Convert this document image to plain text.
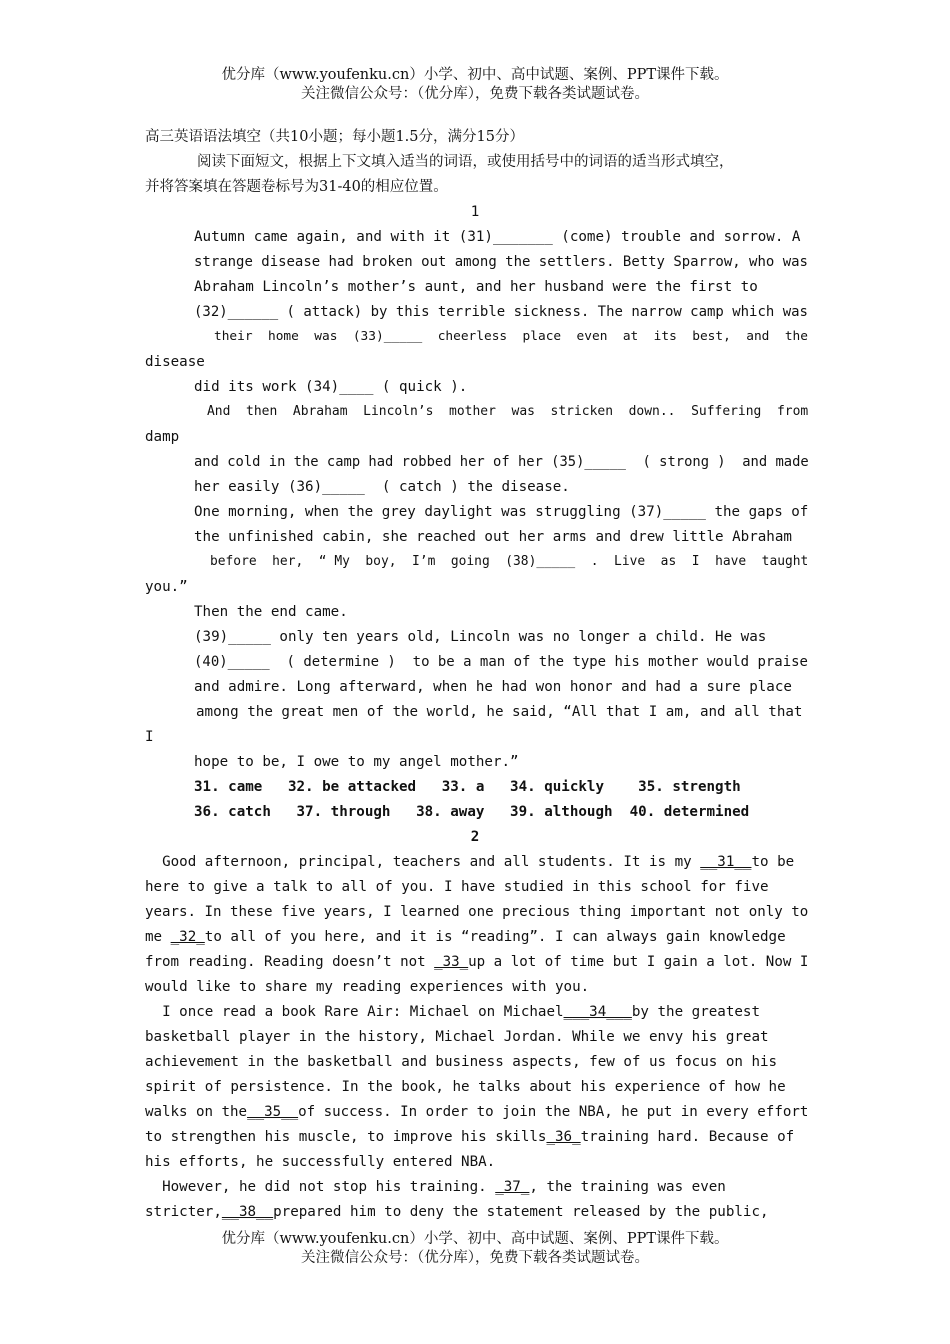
优分库（www.youfenku.cn）小学、初中、高中试题、案例、PPT课件下载。
关注微信公众号：（优分库），免费下载各类试题试卷。
高三英语语法填空（共10小题；每小题1.5分，满分15分）
阅读下面短文，根据上下文填入适当的词语，或使用括号中的词语的适当形式填空，
并将答案填在答题卷标号为31-40的相应位置。
1
Autumn came again, and with it (31)_______ (come) trouble and sorrow. A
strange disease had broken out among the settlers. Betty Sparrow, who was
Abraham Lincoln’s mother’s aunt, and her husband were the first to
(32)______ ( attack) by this terrible sickness. The narrow camp which was
their  home  was  (33)_____  cheerless  place  even  at  its  best,  and  the
disease
did its work (34)____ ( quick ).
And  then  Abraham  Lincoln’s  mother  was  stricken  down..  Suffering  from
damp
and cold in the camp had robbed her of her (35)_____  ( strong )  and made
her easily (36)_____  ( catch ) the disease.
One morning, when the grey daylight was struggling (37)_____ the gaps of
the unfinished cabin, she reached out her arms and drew little Abraham
before  her,  “ My  boy,  I’m  going  (38)_____  .  Live  as  I  have  taught
you.”
Then the end came.
(39)_____ only ten years old, Lincoln was no longer a child. He was
(40)_____  ( determine )  to be a man of the type his mother would praise
and admire. Long afterward, when he had won honor and had a sure place
among the great men of the world, he said, “All that I am, and all that
I
hope to be, I owe to my angel mother.”
31. came   32. be attacked   33. a   34. quickly    35. strength
36. catch   37. through   38. away   39. although  40. determined
2
Good afternoon, principal, teachers and all students. It is my __31__to be
here to give a talk to all of you. I have studied in this school for five
years. In these five years, I learned one precious thing important not only to
me _32_to all of you here, and it is “reading”. I can always gain knowledge
from reading. Reading doesn’t not _33_up a lot of time but I gain a lot. Now I
would like to share my reading experiences with you.
I once read a book Rare Air: Michael on Michael___34___by the greatest
basketball player in the history, Michael Jordan. While we envy his great
achievement in the basketball and business aspects, few of us focus on his
spirit of persistence. In the book, he talks about his experience of how he
walks on the__35__of success. In order to join the NBA, he put in every effort
to strengthen his muscle, to improve his skills_36_training hard. Because of
his efforts, he successfully entered NBA.
However, he did not stop his training. _37_, the training was even
stricter,__38__prepared him to deny the statement released by the public,
优分库（www.youfenku.cn）小学、初中、高中试题、案例、PPT课件下载。
关注微信公众号：（优分库），免费下载各类试题试卷。
